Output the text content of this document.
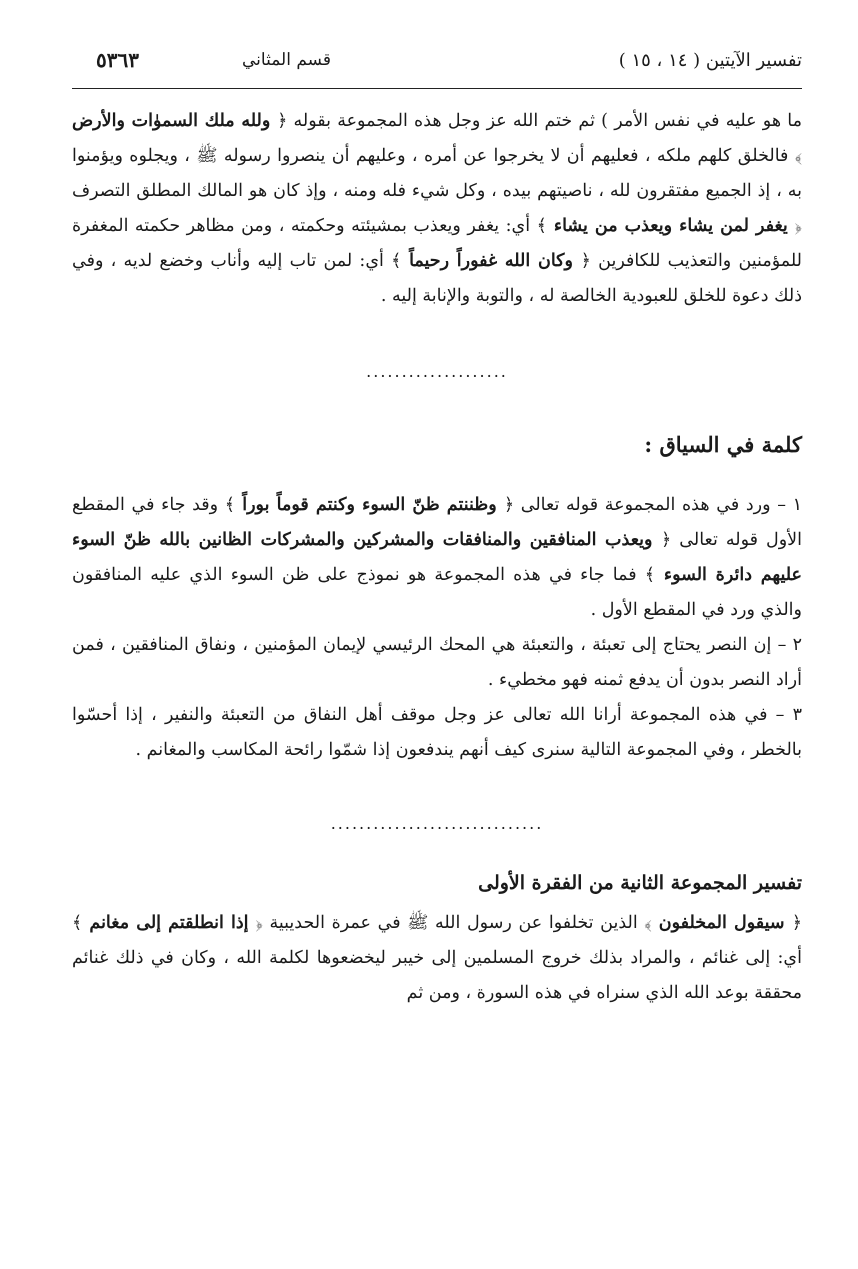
٥٣٦٣	قسم المثاني	تفسير الآيتين ( ١٤ ، ١٥ )

ما هو عليه في نفس الأمر ) ثم ختم الله عز وجل هذه المجموعة بقوله ﴿ ولله ملك السموٰات والأرض ﴾ فالخلق كلهم ملكه ، فعليهم أن لا يخرجوا عن أمره ، وعليهم أن ينصروا رسوله ﷺ ، ويجلوه ويؤمنوا به ، إذ الجميع مفتقرون لله ، ناصيتهم بيده ، وكل شيء فله ومنه ، وإذ كان هو المالك المطلق التصرف ﴿ يغفر لمن يشاء ويعذب من يشاء ﴾ أي: يغفر ويعذب بمشيئته وحكمته ، ومن مظاهر حكمته المغفرة للمؤمنين والتعذيب للكافرين ﴿ وكان الله غفوراً رحيماً ﴾ أي: لمن تاب إليه وأناب وخضع لديه ، وفي ذلك دعوة للخلق للعبودية الخالصة له ، والتوبة والإنابة إليه .

....................
كلمة في السياق :

١ – ورد في هذه المجموعة قوله تعالى ﴿ وظننتم ظنّ السوء وكنتم قوماً بوراً ﴾ وقد جاء في المقطع الأول قوله تعالى ﴿ ويعذب المنافقين والمنافقات والمشركين والمشركات الظانين بالله ظنّ السوء عليهم دائرة السوء ﴾ فما جاء في هذه المجموعة هو نموذج على ظن السوء الذي عليه المنافقون والذي ورد في المقطع الأول .

٢ – إن النصر يحتاج إلى تعبئة ، والتعبئة هي المحك الرئيسي لإيمان المؤمنين ، ونفاق المنافقين ، فمن أراد النصر بدون أن يدفع ثمنه فهو مخطيء .

٣ – في هذه المجموعة أرانا الله تعالى عز وجل موقف أهل النفاق من التعبئة والنفير ، إذا أحسّوا بالخطر ، وفي المجموعة التالية سنرى كيف أنهم يندفعون إذا شمّوا رائحة المكاسب والمغانم .

..............................
تفسير المجموعة الثانية من الفقرة الأولى

﴿ سيقول المخلفون ﴾ الذين تخلفوا عن رسول الله ﷺ في عمرة الحديبية ﴿ إذا انطلقتم إلى مغانم ﴾ أي: إلى غنائم ، والمراد بذلك خروج المسلمين إلى خيبر ليخضعوها لكلمة الله ، وكان في ذلك غنائم محققة بوعد الله الذي سنراه في هذه السورة ، ومن ثم
